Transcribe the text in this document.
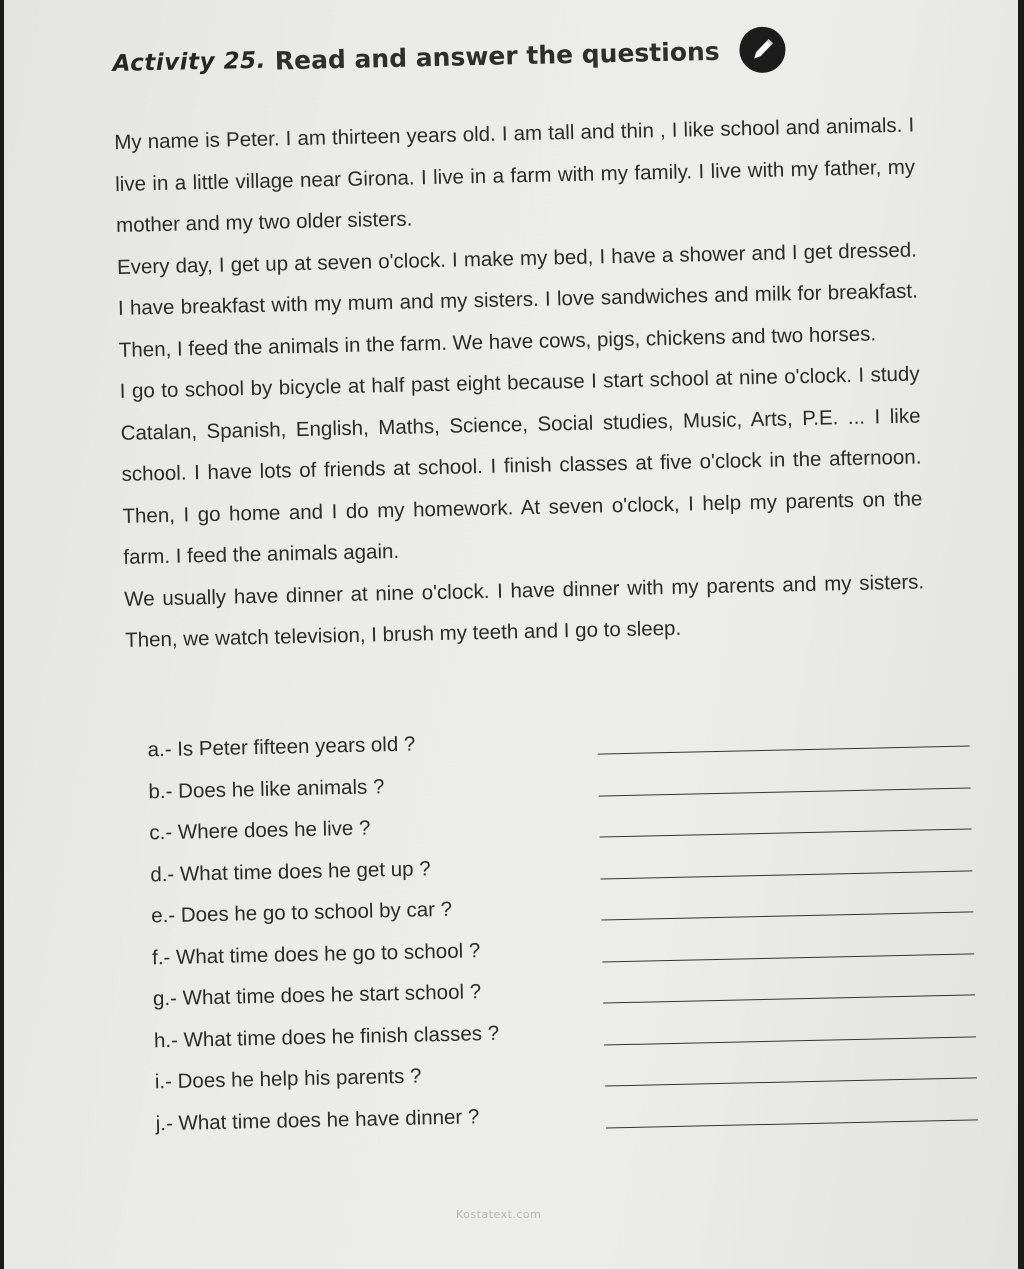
Activity 25. Read and answer the questions

My name is Peter. I am thirteen years old. I am tall and thin , I like school and animals. I live in a little village near Girona. I live in a farm with my family. I live with my father, my mother and my two older sisters.

Every day, I get up at seven o'clock. I make my bed, I have a shower and I get dressed. I have breakfast with my mum and my sisters. I love sandwiches and milk for breakfast. Then, I feed the animals in the farm. We have cows, pigs, chickens and two horses.

I go to school by bicycle at half past eight because I start school at nine o'clock. I study Catalan, Spanish, English, Maths, Science, Social studies, Music, Arts, P.E. ... I like school. I have lots of friends at school. I finish classes at five o'clock in the afternoon. Then, I go home and I do my homework. At seven o'clock, I help my parents on the farm. I feed the animals again.

We usually have dinner at nine o'clock. I have dinner with my parents and my sisters. Then, we watch television, I brush my teeth and I go to sleep.

a.- Is Peter fifteen years old ?
b.- Does he like animals ?
c.- Where does he live ?
d.- What time does he get up ?
e.- Does he go to school by car ?
f.- What time does he go to school ?
g.- What time does he start school ?
h.- What time does he finish classes ?
i.- Does he help his parents ?
j.- What time does he have dinner ?
Kostatext.com
